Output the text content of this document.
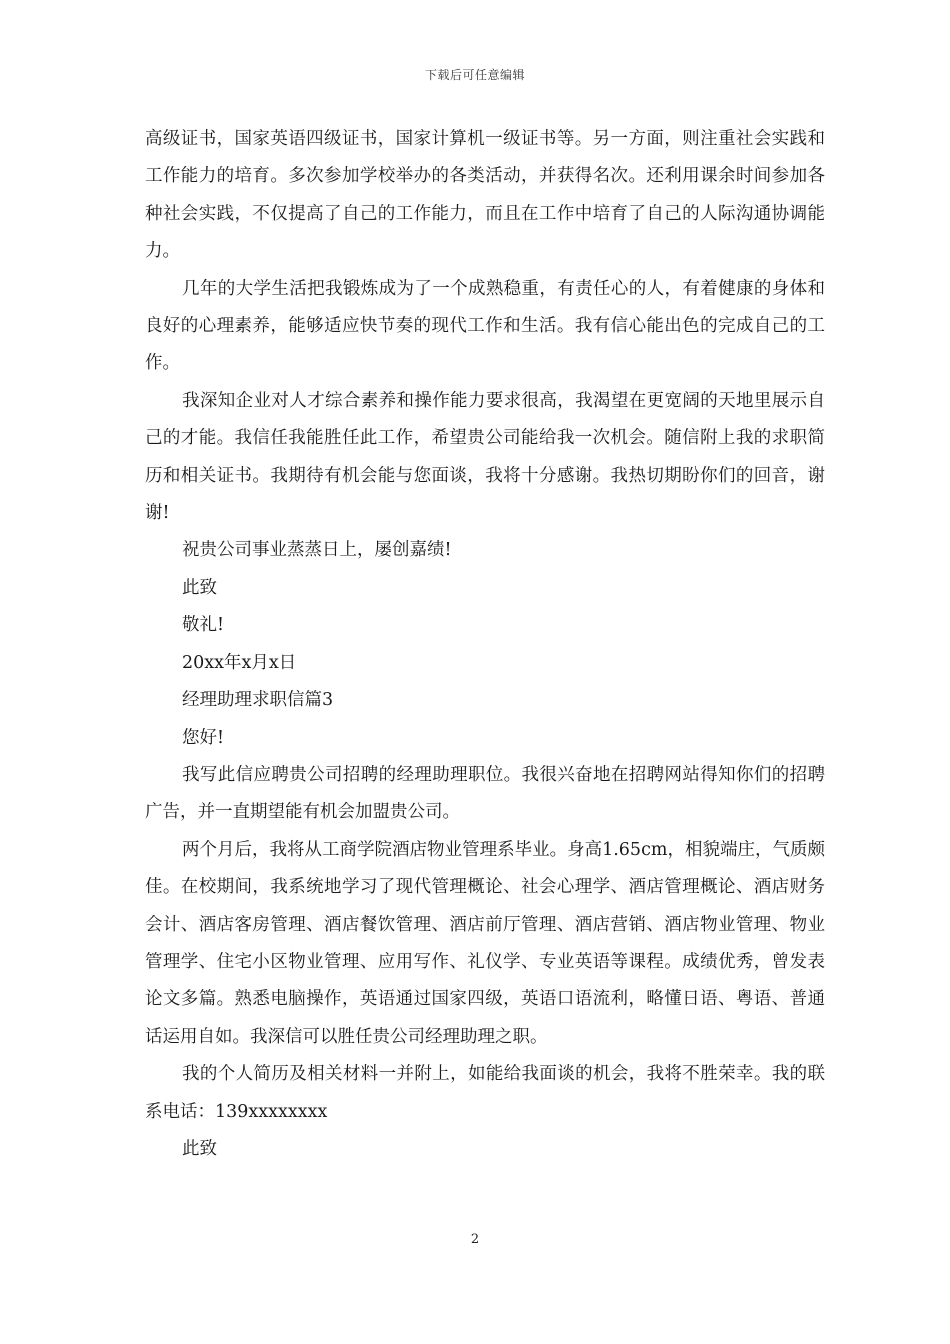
下载后可任意编辑

高级证书，国家英语四级证书，国家计算机一级证书等。另一方面，则注重社会实践和工作能力的培育。多次参加学校举办的各类活动，并获得名次。还利用课余时间参加各种社会实践，不仅提高了自己的工作能力，而且在工作中培育了自己的人际沟通协调能力。

几年的大学生活把我锻炼成为了一个成熟稳重，有责任心的人，有着健康的身体和良好的心理素养，能够适应快节奏的现代工作和生活。我有信心能出色的完成自己的工作。

我深知企业对人才综合素养和操作能力要求很高，我渴望在更宽阔的天地里展示自己的才能。我信任我能胜任此工作，希望贵公司能给我一次机会。随信附上我的求职简历和相关证书。我期待有机会能与您面谈，我将十分感谢。我热切期盼你们的回音，谢谢!

祝贵公司事业蒸蒸日上，屡创嘉绩!

此致

敬礼!

20xx年x月x日

经理助理求职信篇3

您好!

我写此信应聘贵公司招聘的经理助理职位。我很兴奋地在招聘网站得知你们的招聘广告，并一直期望能有机会加盟贵公司。

两个月后，我将从工商学院酒店物业管理系毕业。身高1.65cm，相貌端庄，气质颇佳。在校期间，我系统地学习了现代管理概论、社会心理学、酒店管理概论、酒店财务会计、酒店客房管理、酒店餐饮管理、酒店前厅管理、酒店营销、酒店物业管理、物业管理学、住宅小区物业管理、应用写作、礼仪学、专业英语等课程。成绩优秀，曾发表论文多篇。熟悉电脑操作，英语通过国家四级，英语口语流利，略懂日语、粤语、普通话运用自如。我深信可以胜任贵公司经理助理之职。

我的个人简历及相关材料一并附上，如能给我面谈的机会，我将不胜荣幸。我的联系电话：139xxxxxxxx

此致

2
